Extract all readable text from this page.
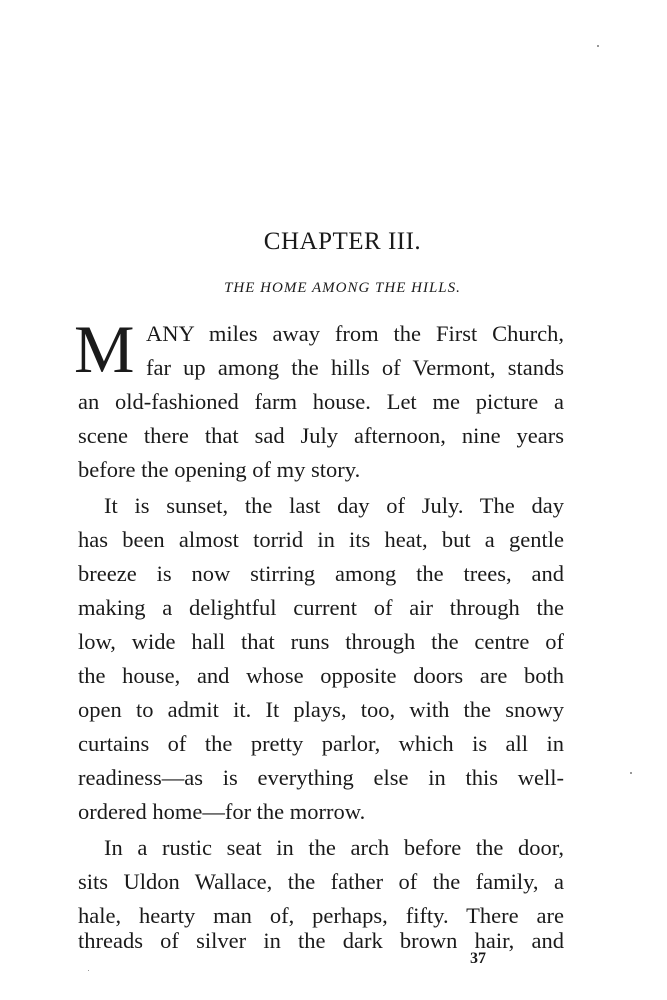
CHAPTER III.
THE HOME AMONG THE HILLS.
M ANY miles away from the First Church,
far up among the hills of Vermont, stands
an old-fashioned farm house. Let me picture a
scene there that sad July afternoon, nine years
before the opening of my story.
It is sunset, the last day of July. The day
has been almost torrid in its heat, but a gentle
breeze is now stirring among the trees, and
making a delightful current of air through the
low, wide hall that runs through the centre of
the house, and whose opposite doors are both
open to admit it. It plays, too, with the snowy
curtains of the pretty parlor, which is all in
readiness—as is everything else in this well-
ordered home—for the morrow.
In a rustic seat in the arch before the door,
sits Uldon Wallace, the father of the family, a
hale, hearty man of, perhaps, fifty. There are
threads of silver in the dark brown hair, and
37
